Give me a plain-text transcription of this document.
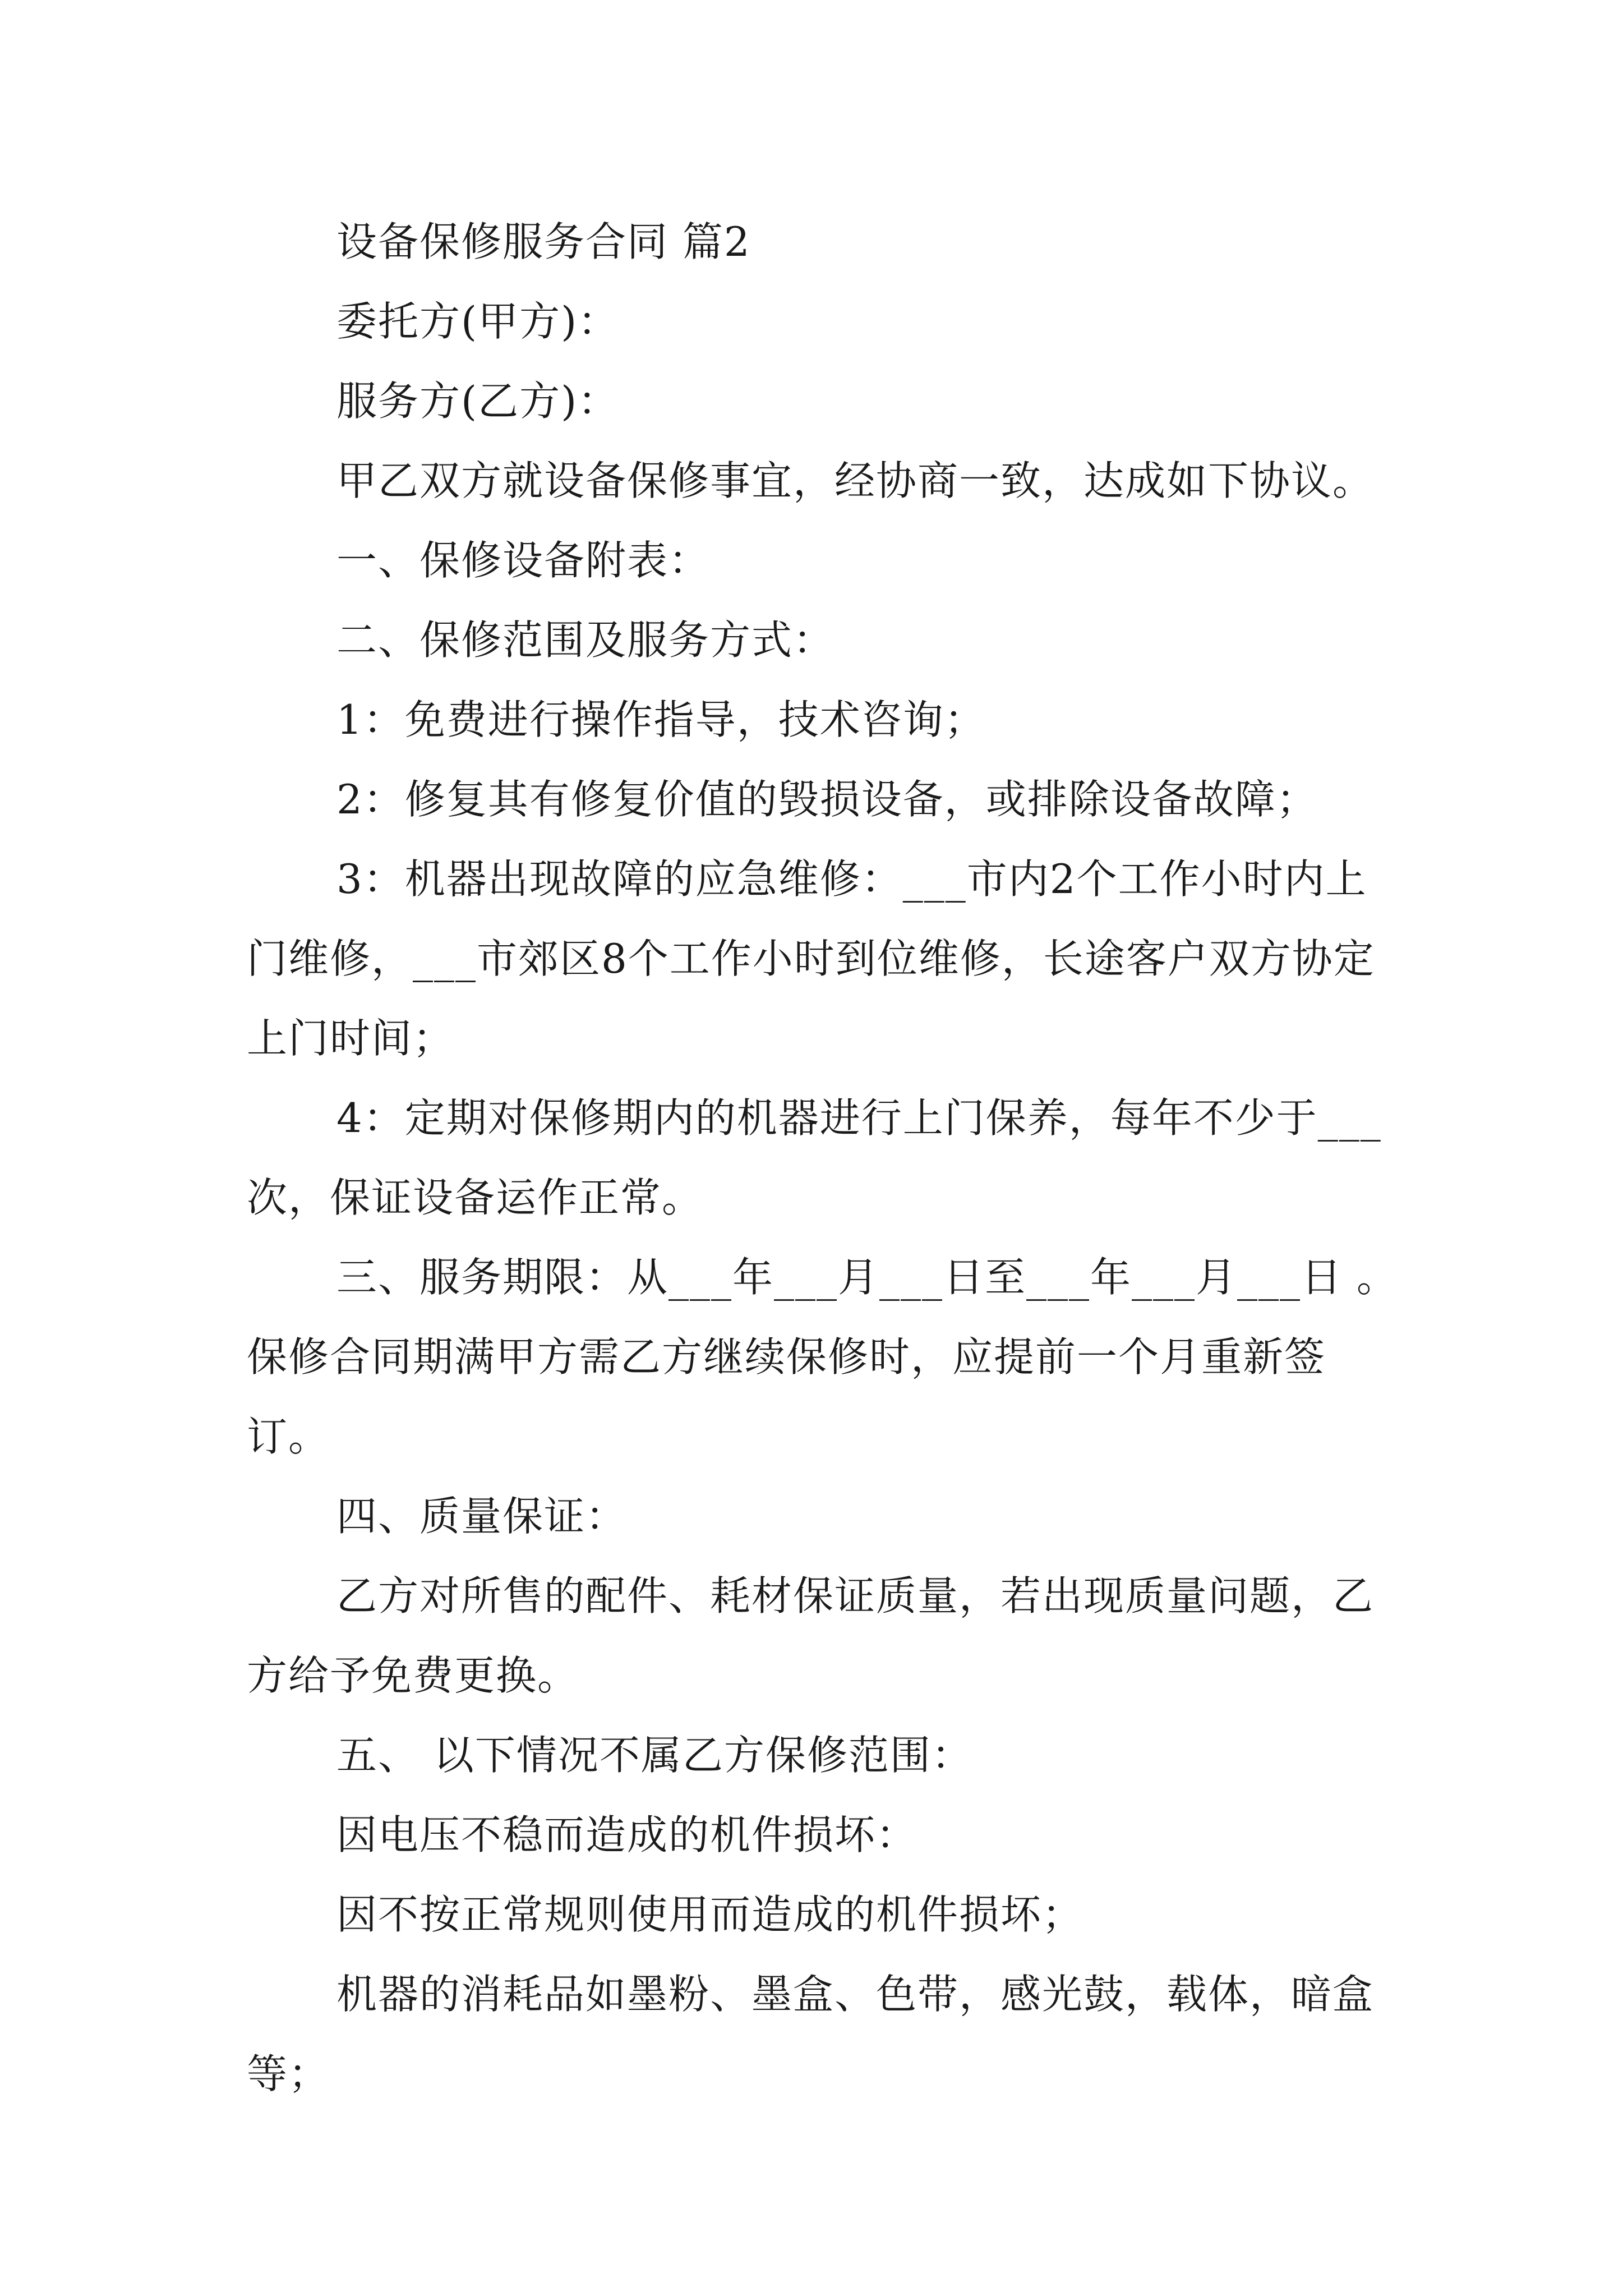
设备保修服务合同 篇2

委托方(甲方)：

服务方(乙方)：

甲乙双方就设备保修事宜，经协商一致，达成如下协议。

一、保修设备附表：

二、保修范围及服务方式：

1：免费进行操作指导，技术咨询；

2：修复其有修复价值的毁损设备，或排除设备故障；

3：机器出现故障的应急维修：___市内2个工作小时内上门维修，___市郊区8个工作小时到位维修，长途客户双方协定上门时间；

4：定期对保修期内的机器进行上门保养，每年不少于___次，保证设备运作正常。

三、服务期限：从___年___月___日至___年___月___日 。保修合同期满甲方需乙方继续保修时，应提前一个月重新签订。

四、质量保证：

乙方对所售的配件、耗材保证质量，若出现质量问题，乙方给予免费更换。

五、 以下情况不属乙方保修范围：

因电压不稳而造成的机件损坏：

因不按正常规则使用而造成的机件损坏；

机器的消耗品如墨粉、墨盒、色带，感光鼓，载体，暗盒等；
